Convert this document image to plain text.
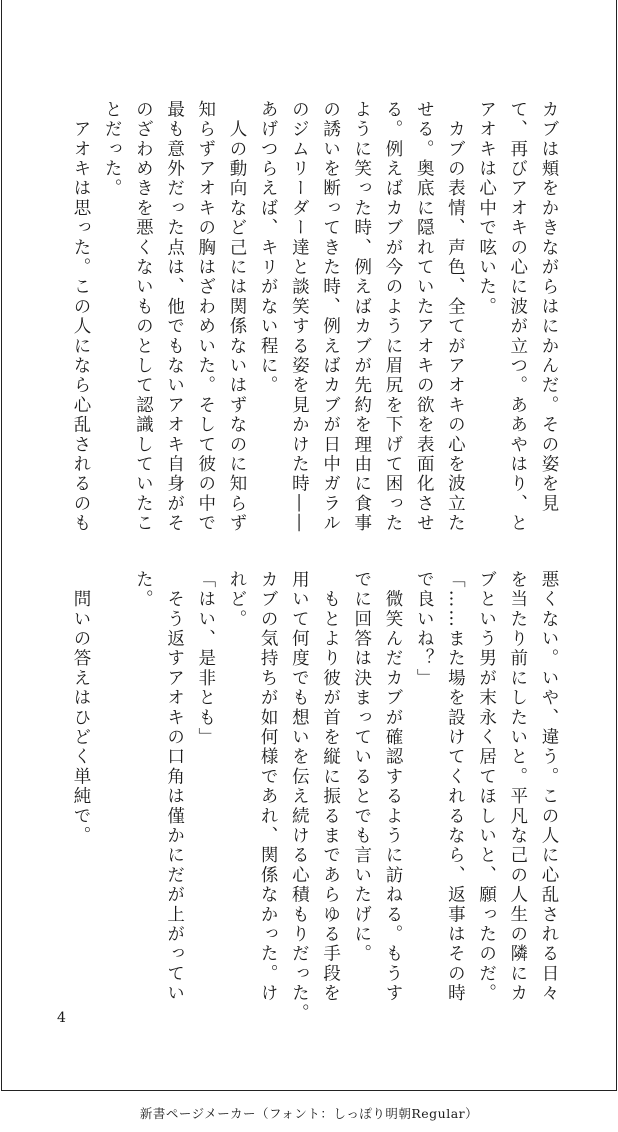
カブは頬をかきながらはにかんだ。その姿を見
て、再びアオキの心に波が立つ。ああやはり、と
アオキは心中で呟いた。
　カブの表情、声色、全てがアオキの心を波立た
せる。奥底に隠れていたアオキの欲を表面化させ
る。例えばカブが今のように眉尻を下げて困った
ように笑った時、例えばカブが先約を理由に食事
の誘いを断ってきた時、例えばカブが日中ガラル
のジムリーダー達と談笑する姿を見かけた時――
あげつらえば、キリがない程に。
　人の動向など己には関係ないはずなのに知らず
知らずアオキの胸はざわめいた。そして彼の中で
最も意外だった点は、他でもないアオキ自身がそ
のざわめきを悪くないものとして認識していたこ
とだった。
　アオキは思った。この人になら心乱されるのも
悪くない。いや、違う。この人に心乱される日々
を当たり前にしたいと。平凡な己の人生の隣にカ
ブという男が末永く居てほしいと、願ったのだ。
「……また場を設けてくれるなら、返事はその時
で良いね？」
　微笑んだカブが確認するように訪ねる。もうす
でに回答は決まっているとでも言いたげに。
　もとより彼が首を縦に振るまであらゆる手段を
用いて何度でも想いを伝え続ける心積もりだった。
カブの気持ちが如何様であれ、関係なかった。け
れど。
「はい、是非とも」
　そう返すアオキの口角は僅かにだが上がってい
た。

　問いの答えはひどく単純で。
4
新書ページメーカー（フォント：しっぽり明朝Regular）
